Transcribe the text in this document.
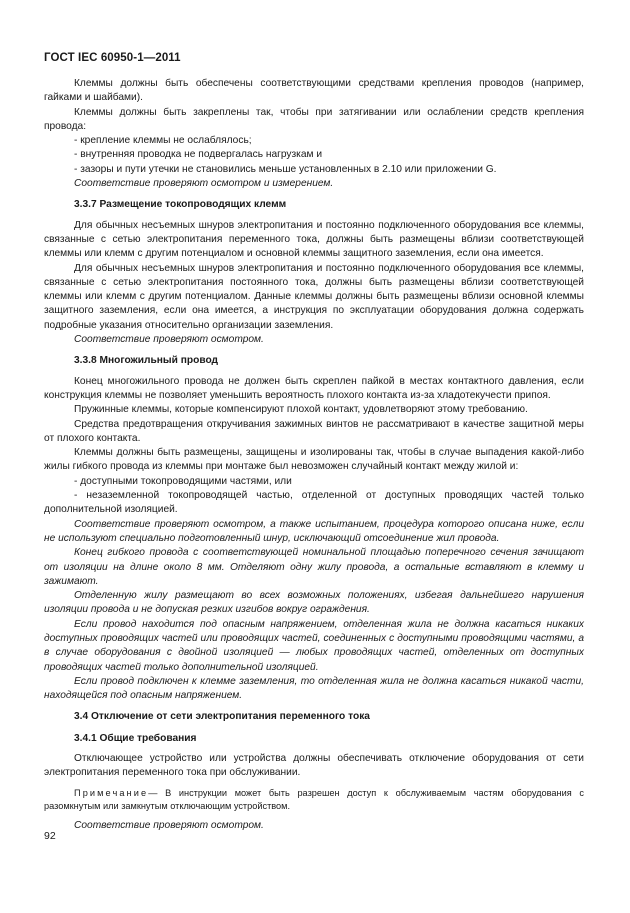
ГОСТ IEC 60950-1—2011

Клеммы должны быть обеспечены соответствующими средствами крепления проводов (например, гайками и шайбами).

Клеммы должны быть закреплены так, чтобы при затягивании или ослаблении средств крепления провода:

- крепление клеммы не ослаблялось;

- внутренняя проводка не подвергалась нагрузкам и

- зазоры и пути утечки не становились меньше установленных в 2.10 или приложении G.

Соответствие проверяют осмотром и измерением.

3.3.7 Размещение токопроводящих клемм

Для обычных несъемных шнуров электропитания и постоянно подключенного оборудования все клеммы, связанные с сетью электропитания переменного тока, должны быть размещены вблизи соответствующей клеммы или клемм с другим потенциалом и основной клеммы защитного заземления, если она имеется.

Для обычных несъемных шнуров электропитания и постоянно подключенного оборудования все клеммы, связанные с сетью электропитания постоянного тока, должны быть размещены вблизи соответствующей клеммы или клемм с другим потенциалом. Данные клеммы должны быть размещены вблизи основной клеммы защитного заземления, если она имеется, а инструкция по эксплуатации оборудования должна содержать подробные указания относительно организации заземления.

Соответствие проверяют осмотром.

3.3.8 Многожильный провод

Конец многожильного провода не должен быть скреплен пайкой в местах контактного давления, если конструкция клеммы не позволяет уменьшить вероятность плохого контакта из-за хладотекучести припоя.

Пружинные клеммы, которые компенсируют плохой контакт, удовлетворяют этому требованию.

Средства предотвращения откручивания зажимных винтов не рассматривают в качестве защитной меры от плохого контакта.

Клеммы должны быть размещены, защищены и изолированы так, чтобы в случае выпадения какой-либо жилы гибкого провода из клеммы при монтаже был невозможен случайный контакт между жилой и:

- доступными токопроводящими частями, или

- незаземленной токопроводящей частью, отделенной от доступных проводящих частей только дополнительной изоляцией.

Соответствие проверяют осмотром, а также испытанием, процедура которого описана ниже, если не используют специально подготовленный шнур, исключающий отсоединение жил провода.

Конец гибкого провода с соответствующей номинальной площадью поперечного сечения зачищают от изоляции на длине около 8 мм. Отделяют одну жилу провода, а остальные вставляют в клемму и зажимают.

Отделенную жилу размещают во всех возможных положениях, избегая дальнейшего нарушения изоляции провода и не допуская резких изгибов вокруг ограждения.

Если провод находится под опасным напряжением, отделенная жила не должна касаться никаких доступных проводящих частей или проводящих частей, соединенных с доступными проводящими частями, а в случае оборудования с двойной изоляцией — любых проводящих частей, отделенных от доступных проводящих частей только дополнительной изоляцией.

Если провод подключен к клемме заземления, то отделенная жила не должна касаться никакой части, находящейся под опасным напряжением.

3.4 Отключение от сети электропитания переменного тока
3.4.1 Общие требования

Отключающее устройство или устройства должны обеспечивать отключение оборудования от сети электропитания переменного тока при обслуживании.

Примечание— В инструкции может быть разрешен доступ к обслуживаемым частям оборудования с разомкнутым или замкнутым отключающим устройством.

Соответствие проверяют осмотром.

92
